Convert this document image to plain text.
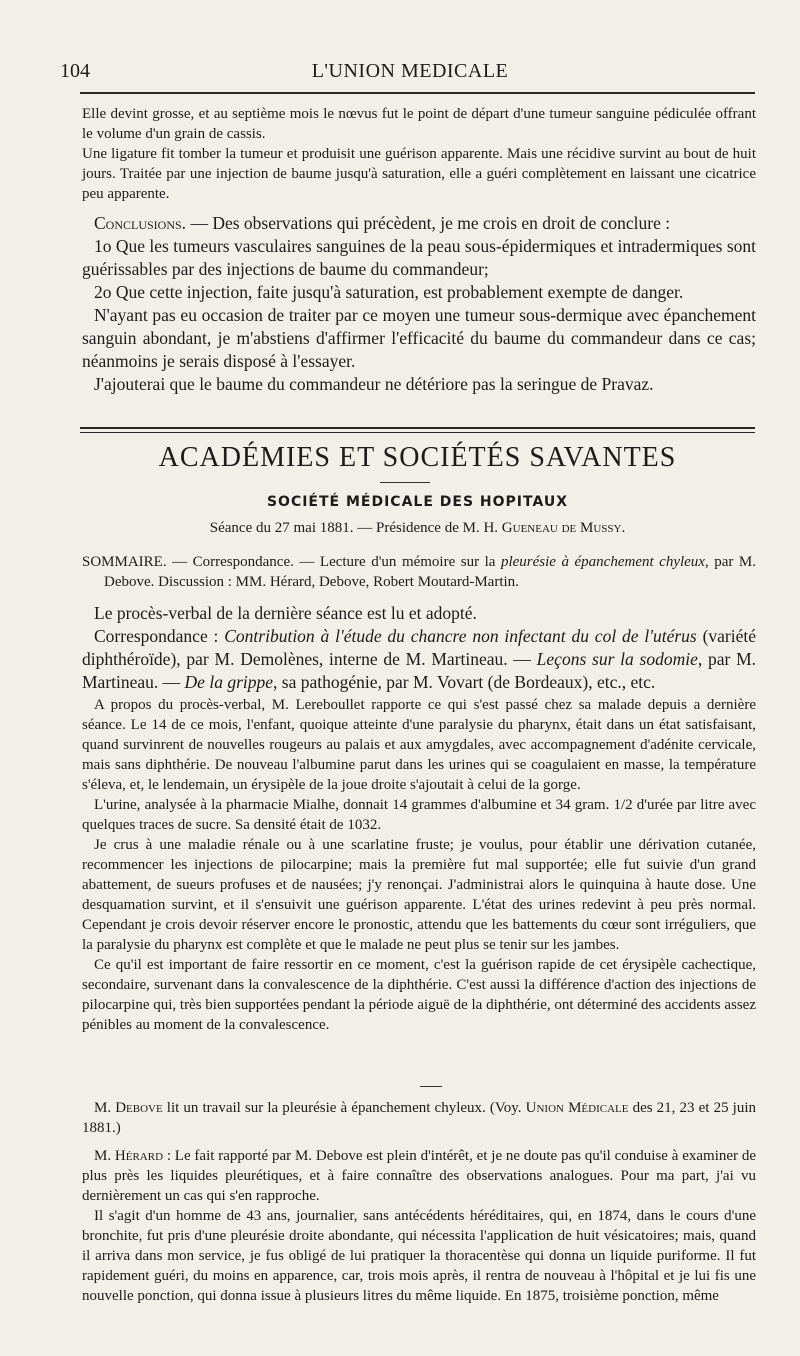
104	L'UNION MEDICALE

Elle devint grosse, et au septième mois le nœvus fut le point de départ d'une tumeur sanguine pédiculée offrant le volume d'un grain de cassis.

Une ligature fit tomber la tumeur et produisit une guérison apparente. Mais une récidive survint au bout de huit jours. Traitée par une injection de baume jusqu'à saturation, elle a guéri complètement en laissant une cicatrice peu apparente.

Conclusions. — Des observations qui précèdent, je me crois en droit de conclure :

1o Que les tumeurs vasculaires sanguines de la peau sous-épidermiques et intradermiques sont guérissables par des injections de baume du commandeur;

2o Que cette injection, faite jusqu'à saturation, est probablement exempte de danger.

N'ayant pas eu occasion de traiter par ce moyen une tumeur sous-dermique avec épanchement sanguin abondant, je m'abstiens d'affirmer l'efficacité du baume du commandeur dans ce cas; néanmoins je serais disposé à l'essayer.

J'ajouterai que le baume du commandeur ne détériore pas la seringue de Pravaz.

ACADÉMIES ET SOCIÉTÉS SAVANTES
SOCIÉTÉ MÉDICALE DES HOPITAUX
Séance du 27 mai 1881. — Présidence de M. H. Gueneau de Mussy.

SOMMAIRE. — Correspondance. — Lecture d'un mémoire sur la pleurésie à épanchement chyleux, par M. Debove. Discussion : MM. Hérard, Debove, Robert Moutard-Martin.

Le procès-verbal de la dernière séance est lu et adopté.

Correspondance : Contribution à l'étude du chancre non infectant du col de l'utérus (variété diphthéroïde), par M. Demolènes, interne de M. Martineau. — Leçons sur la sodomie, par M. Martineau. — De la grippe, sa pathogénie, par M. Vovart (de Bordeaux), etc., etc.

A propos du procès-verbal, M. Lereboullet rapporte ce qui s'est passé chez sa malade depuis a dernière séance. Le 14 de ce mois, l'enfant, quoique atteinte d'une paralysie du pharynx, était dans un état satisfaisant, quand survinrent de nouvelles rougeurs au palais et aux amygdales, avec accompagnement d'adénite cervicale, mais sans diphthérie. De nouveau l'albumine parut dans les urines qui se coagulaient en masse, la température s'éleva, et, le lendemain, un érysipèle de la joue droite s'ajoutait à celui de la gorge.

L'urine, analysée à la pharmacie Mialhe, donnait 14 grammes d'albumine et 34 gram. 1/2 d'urée par litre avec quelques traces de sucre. Sa densité était de 1032.

Je crus à une maladie rénale ou à une scarlatine fruste; je voulus, pour établir une dérivation cutanée, recommencer les injections de pilocarpine; mais la première fut mal supportée; elle fut suivie d'un grand abattement, de sueurs profuses et de nausées; j'y renonçai. J'administrai alors le quinquina à haute dose. Une desquamation survint, et il s'ensuivit une guérison apparente. L'état des urines redevint à peu près normal. Cependant je crois devoir réserver encore le pronostic, attendu que les battements du cœur sont irréguliers, que la paralysie du pharynx est complète et que le malade ne peut plus se tenir sur les jambes.

Ce qu'il est important de faire ressortir en ce moment, c'est la guérison rapide de cet érysipèle cachectique, secondaire, survenant dans la convalescence de la diphthérie. C'est aussi la différence d'action des injections de pilocarpine qui, très bien supportées pendant la période aiguë de la diphthérie, ont déterminé des accidents assez pénibles au moment de la convalescence.

M. Debove lit un travail sur la pleurésie à épanchement chyleux. (Voy. Union Médicale des 21, 23 et 25 juin 1881.)

M. Hérard : Le fait rapporté par M. Debove est plein d'intérêt, et je ne doute pas qu'il conduise à examiner de plus près les liquides pleurétiques, et à faire connaître des observations analogues. Pour ma part, j'ai vu dernièrement un cas qui s'en rapproche.

Il s'agit d'un homme de 43 ans, journalier, sans antécédents héréditaires, qui, en 1874, dans le cours d'une bronchite, fut pris d'une pleurésie droite abondante, qui nécessita l'application de huit vésicatoires; mais, quand il arriva dans mon service, je fus obligé de lui pratiquer la thoracentèse qui donna un liquide puriforme. Il fut rapidement guéri, du moins en apparence, car, trois mois après, il rentra de nouveau à l'hôpital et je lui fis une nouvelle ponction, qui donna issue à plusieurs litres du même liquide. En 1875, troisième ponction, même
